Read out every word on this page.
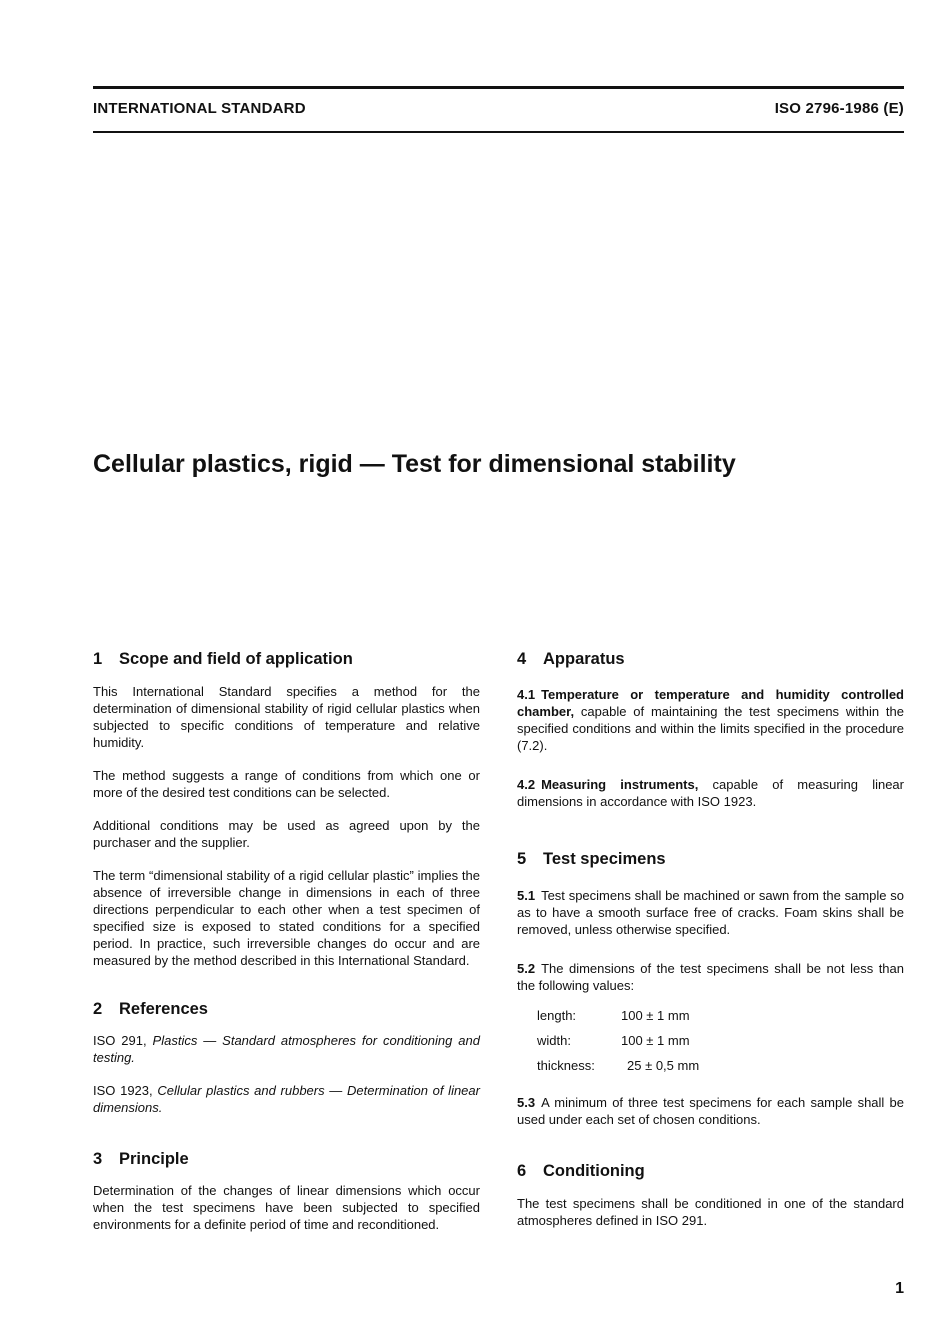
INTERNATIONAL STANDARD	ISO 2796-1986 (E)
Cellular plastics, rigid — Test for dimensional stability
1 Scope and field of application

This International Standard specifies a method for the determination of dimensional stability of rigid cellular plastics when subjected to specific conditions of temperature and relative humidity.

The method suggests a range of conditions from which one or more of the desired test conditions can be selected.

Additional conditions may be used as agreed upon by the purchaser and the supplier.

The term “dimensional stability of a rigid cellular plastic” implies the absence of irreversible change in dimensions in each of three directions perpendicular to each other when a test specimen of specified size is exposed to stated conditions for a specified period. In practice, such irreversible changes do occur and are measured by the method described in this International Standard.

2 References

ISO 291, Plastics — Standard atmospheres for conditioning and testing.

ISO 1923, Cellular plastics and rubbers — Determination of linear dimensions.

3 Principle

Determination of the changes of linear dimensions which occur when the test specimens have been subjected to specified environments for a definite period of time and reconditioned.

4 Apparatus

4.1 Temperature or temperature and humidity controlled chamber, capable of maintaining the test specimens within the specified conditions and within the limits specified in the procedure (7.2).

4.2 Measuring instruments, capable of measuring linear dimensions in accordance with ISO 1923.

5 Test specimens

5.1 Test specimens shall be machined or sawn from the sample so as to have a smooth surface free of cracks. Foam skins shall be removed, unless otherwise specified.

5.2 The dimensions of the test specimens shall be not less than the following values:

length:	100 ± 1 mm
width:	100 ± 1 mm
thickness:	25 ± 0,5 mm

5.3 A minimum of three test specimens for each sample shall be used under each set of chosen conditions.

6 Conditioning

The test specimens shall be conditioned in one of the standard atmospheres defined in ISO 291.

1
